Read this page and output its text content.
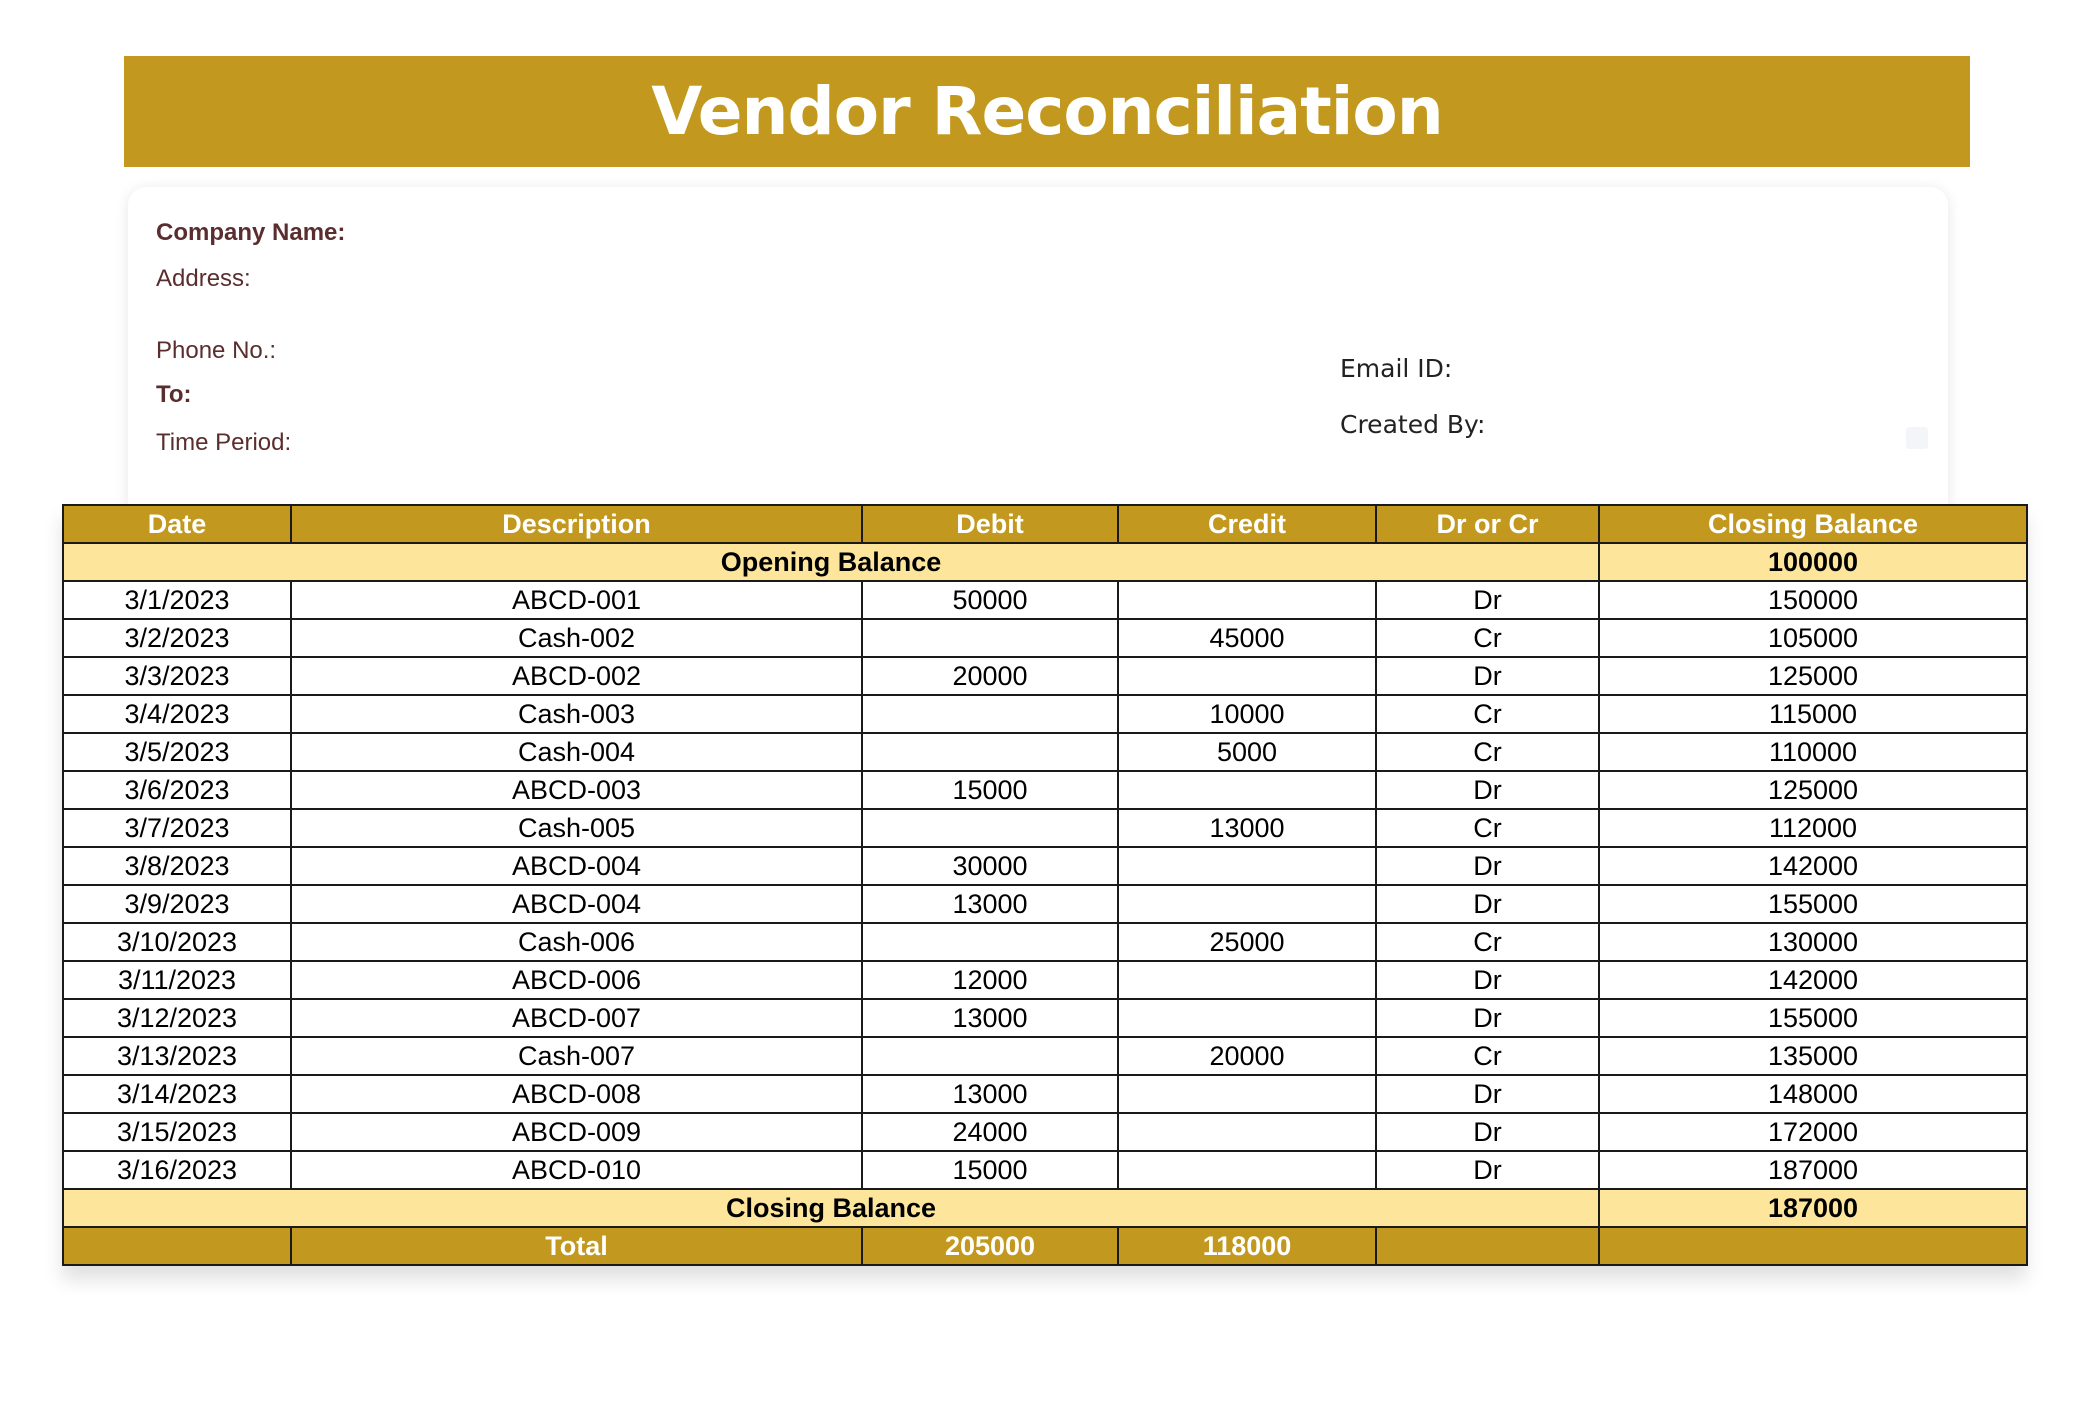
Vendor Reconciliation
Company Name:
Address:
Phone No.:
To:
Time Period:
Email ID:
Created By:
Date	Description	Debit	Credit	Dr or Cr	Closing Balance
Opening Balance					100000
3/1/2023	ABCD-001	50000		Dr	150000
3/2/2023	Cash-002		45000	Cr	105000
3/3/2023	ABCD-002	20000		Dr	125000
3/4/2023	Cash-003		10000	Cr	115000
3/5/2023	Cash-004		5000	Cr	110000
3/6/2023	ABCD-003	15000		Dr	125000
3/7/2023	Cash-005		13000	Cr	112000
3/8/2023	ABCD-004	30000		Dr	142000
3/9/2023	ABCD-004	13000		Dr	155000
3/10/2023	Cash-006		25000	Cr	130000
3/11/2023	ABCD-006	12000		Dr	142000
3/12/2023	ABCD-007	13000		Dr	155000
3/13/2023	Cash-007		20000	Cr	135000
3/14/2023	ABCD-008	13000		Dr	148000
3/15/2023	ABCD-009	24000		Dr	172000
3/16/2023	ABCD-010	15000		Dr	187000
Closing Balance					187000
	Total	205000	118000		
